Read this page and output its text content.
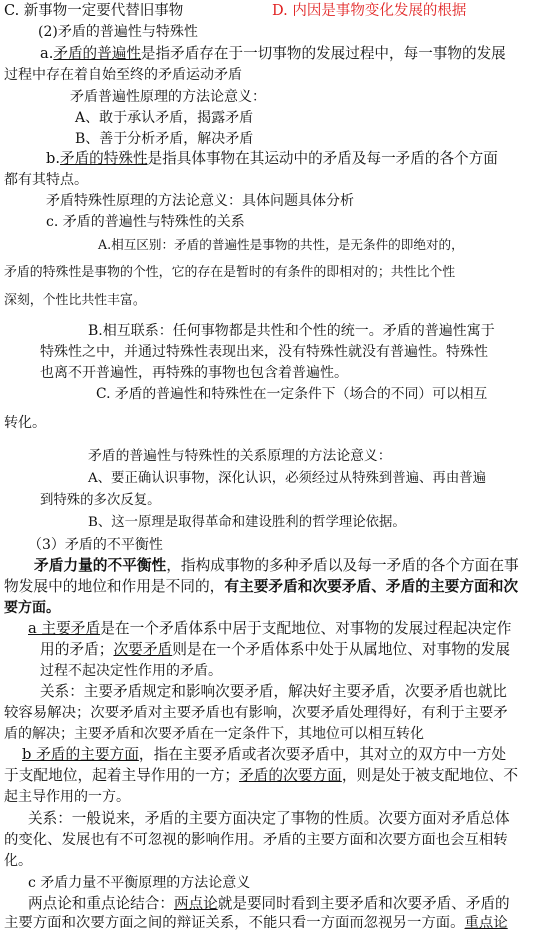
C. 新事物一定要代替旧事物	D. 内因是事物变化发展的根据
(2)矛盾的普遍性与特殊性
a.矛盾的普遍性是指矛盾存在于一切事物的发展过程中，每一事物的发展
过程中存在着自始至终的矛盾运动矛盾
矛盾普遍性原理的方法论意义：
A、敢于承认矛盾，揭露矛盾
B、善于分析矛盾，解决矛盾
b.矛盾的特殊性是指具体事物在其运动中的矛盾及每一矛盾的各个方面
都有其特点。
矛盾特殊性原理的方法论意义：具体问题具体分析
c. 矛盾的普遍性与特殊性的关系
A.相互区别：矛盾的普遍性是事物的共性，是无条件的即绝对的，
矛盾的特殊性是事物的个性，它的存在是暂时的有条件的即相对的；共性比个性
深刻，个性比共性丰富。
B.相互联系：任何事物都是共性和个性的统一。矛盾的普遍性寓于
特殊性之中，并通过特殊性表现出来，没有特殊性就没有普遍性。特殊性
也离不开普遍性，再特殊的事物也包含着普遍性。
C. 矛盾的普遍性和特殊性在一定条件下（场合的不同）可以相互
转化。
矛盾的普遍性与特殊性的关系原理的方法论意义：
A、要正确认识事物，深化认识，必须经过从特殊到普遍、再由普遍
到特殊的多次反复。
B、这一原理是取得革命和建设胜利的哲学理论依据。
（3）矛盾的不平衡性
矛盾力量的不平衡性，指构成事物的多种矛盾以及每一矛盾的各个方面在事
物发展中的地位和作用是不同的，有主要矛盾和次要矛盾、矛盾的主要方面和次
要方面。
a 主要矛盾是在一个矛盾体系中居于支配地位、对事物的发展过程起决定作
用的矛盾；次要矛盾则是在一个矛盾体系中处于从属地位、对事物的发展
过程不起决定性作用的矛盾。
关系：主要矛盾规定和影响次要矛盾，解决好主要矛盾，次要矛盾也就比
较容易解决；次要矛盾对主要矛盾也有影响，次要矛盾处理得好，有利于主要矛
盾的解决；主要矛盾和次要矛盾在一定条件下，其地位可以相互转化
b 矛盾的主要方面，指在主要矛盾或者次要矛盾中，其对立的双方中一方处
于支配地位，起着主导作用的一方；矛盾的次要方面，则是处于被支配地位、不
起主导作用的一方。
关系：一般说来，矛盾的主要方面决定了事物的性质。次要方面对矛盾总体
的变化、发展也有不可忽视的影响作用。矛盾的主要方面和次要方面也会互相转
化。
c 矛盾力量不平衡原理的方法论意义
两点论和重点论结合：两点论就是要同时看到主要矛盾和次要矛盾、矛盾的
主要方面和次要方面之间的辩证关系，不能只看一方面而忽视另一方面。重点论
